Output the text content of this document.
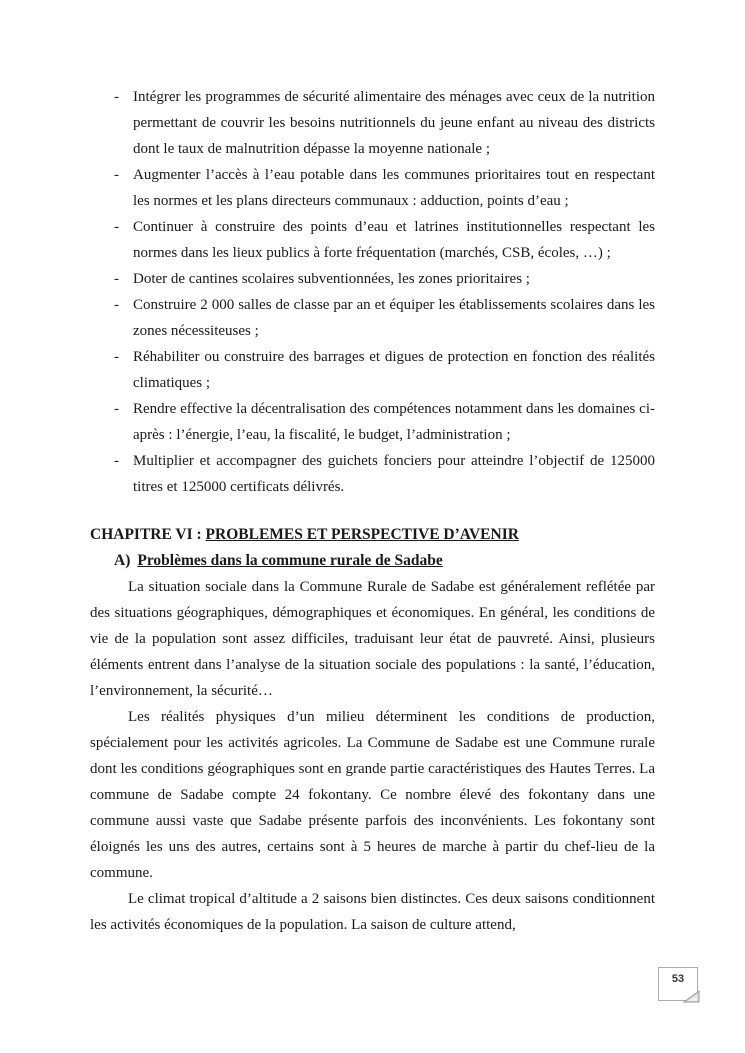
- Intégrer les programmes de sécurité alimentaire des ménages avec ceux de la nutrition permettant de couvrir les besoins nutritionnels du jeune enfant au niveau des districts dont le taux de malnutrition dépasse la moyenne nationale ;
- Augmenter l’accès à l’eau potable dans les communes prioritaires tout en respectant les normes et les plans directeurs communaux : adduction, points d’eau ;
- Continuer à construire des points d’eau et latrines institutionnelles respectant les normes dans les lieux publics à forte fréquentation (marchés, CSB, écoles, …) ;
- Doter de cantines scolaires subventionnées, les zones prioritaires ;
- Construire 2 000 salles de classe par an et équiper les établissements scolaires dans les zones nécessiteuses ;
- Réhabiliter ou construire des barrages et digues de protection en fonction des réalités climatiques ;
- Rendre effective la décentralisation des compétences notamment dans les domaines ci-après : l’énergie, l’eau, la fiscalité, le budget, l’administration ;
- Multiplier et accompagner des guichets fonciers pour atteindre l’objectif de 125000 titres et 125000 certificats délivrés.
CHAPITRE VI : PROBLEMES ET PERSPECTIVE D’AVENIR
A) Problèmes dans la commune rurale de Sadabe

La situation sociale dans la Commune Rurale de Sadabe est généralement reflétée par des situations géographiques, démographiques et économiques. En général, les conditions de vie de la population sont assez difficiles, traduisant leur état de pauvreté. Ainsi, plusieurs éléments entrent dans l’analyse de la situation sociale des populations : la santé, l’éducation, l’environnement, la sécurité…

Les réalités physiques d’un milieu déterminent les conditions de production, spécialement pour les activités agricoles. La Commune de Sadabe est une Commune rurale dont les conditions géographiques sont en grande partie caractéristiques des Hautes Terres. La commune de Sadabe compte 24 fokontany. Ce nombre élevé des fokontany dans une commune aussi vaste que Sadabe présente parfois des inconvénients. Les fokontany sont éloignés les uns des autres, certains sont à 5 heures de marche à partir du chef-lieu de la commune.

Le climat tropical d’altitude a 2 saisons bien distinctes. Ces deux saisons conditionnent les activités économiques de la population. La saison de culture attend,

53
